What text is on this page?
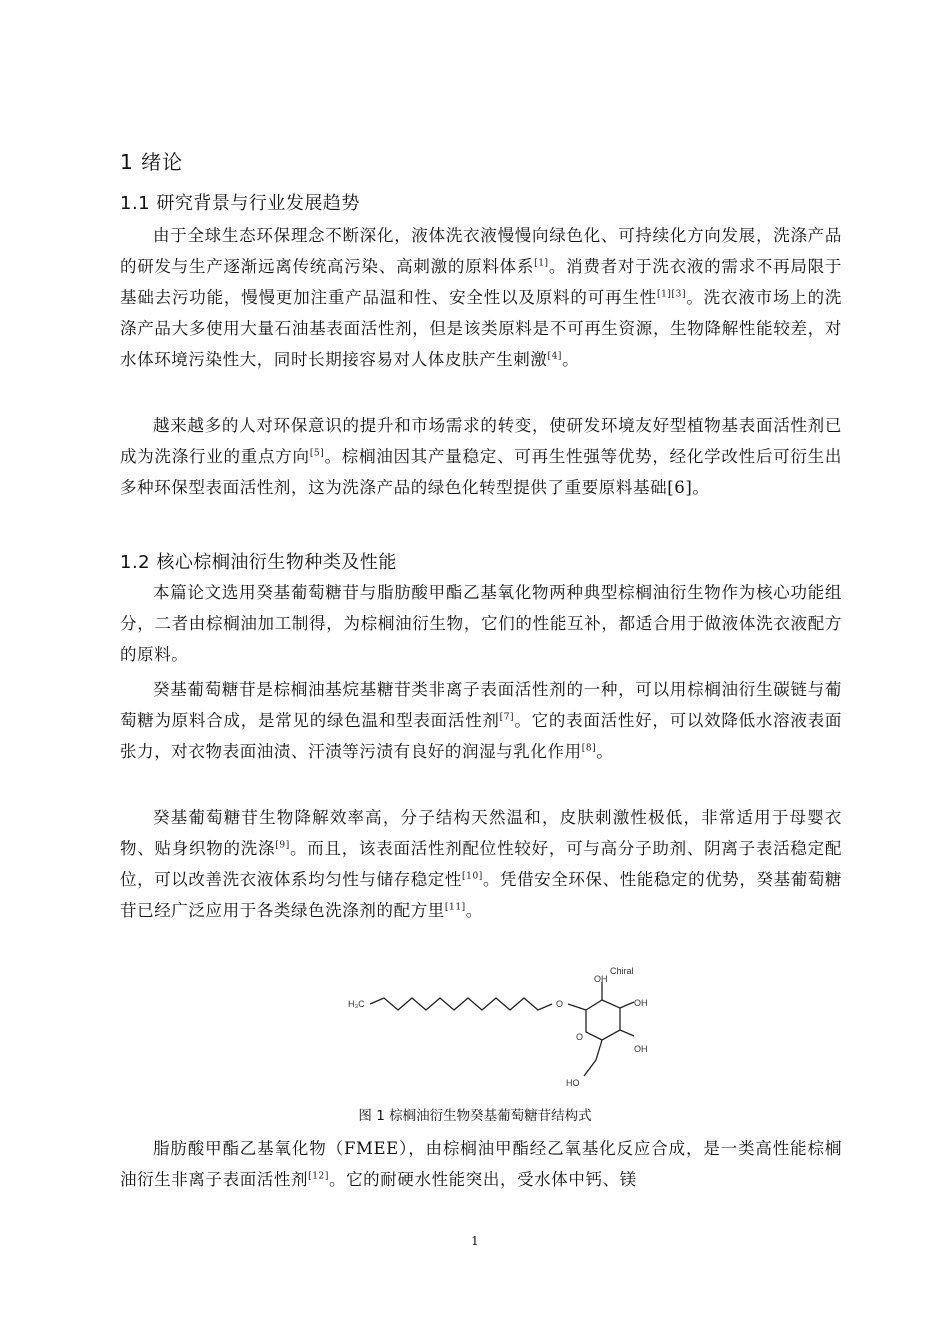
1 绪论
1.1 研究背景与行业发展趋势

由于全球生态环保理念不断深化，液体洗衣液慢慢向绿色化、可持续化方向发展，洗涤产品的研发与生产逐渐远离传统高污染、高刺激的原料体系[1]。消费者对于洗衣液的需求不再局限于基础去污功能，慢慢更加注重产品温和性、安全性以及原料的可再生性[1][3]。洗衣液市场上的洗涤产品大多使用大量石油基表面活性剂，但是该类原料是不可再生资源，生物降解性能较差，对水体环境污染性大，同时长期接容易对人体皮肤产生刺激[4]。

越来越多的人对环保意识的提升和市场需求的转变，使研发环境友好型植物基表面活性剂已成为洗涤行业的重点方向[5]。棕榈油因其产量稳定、可再生性强等优势，经化学改性后可衍生出多种环保型表面活性剂，这为洗涤产品的绿色化转型提供了重要原料基础[6]。

1.2 核心棕榈油衍生物种类及性能

本篇论文选用癸基葡萄糖苷与脂肪酸甲酯乙基氧化物两种典型棕榈油衍生物作为核心功能组分，二者由棕榈油加工制得，为棕榈油衍生物，它们的性能互补，都适合用于做液体洗衣液配方的原料。

癸基葡萄糖苷是棕榈油基烷基糖苷类非离子表面活性剂的一种，可以用棕榈油衍生碳链与葡萄糖为原料合成，是常见的绿色温和型表面活性剂[7]。它的表面活性好，可以效降低水溶液表面张力，对衣物表面油渍、汗渍等污渍有良好的润湿与乳化作用[8]。

癸基葡萄糖苷生物降解效率高，分子结构天然温和，皮肤刺激性极低，非常适用于母婴衣物、贴身织物的洗涤[9]。而且，该表面活性剂配位性较好，可与高分子助剂、阴离子表活稳定配位，可以改善洗衣液体系均匀性与储存稳定性[10]。凭借安全环保、性能稳定的优势，癸基葡萄糖苷已经广泛应用于各类绿色洗涤剂的配方里[11]。

Chiral
H₃C	O
O
OH
OH
OH
HO
图 1 棕榈油衍生物癸基葡萄糖苷结构式

脂肪酸甲酯乙基氧化物（FMEE），由棕榈油甲酯经乙氧基化反应合成，是一类高性能棕榈油衍生非离子表面活性剂[12]。它的耐硬水性能突出，受水体中钙、镁

1
